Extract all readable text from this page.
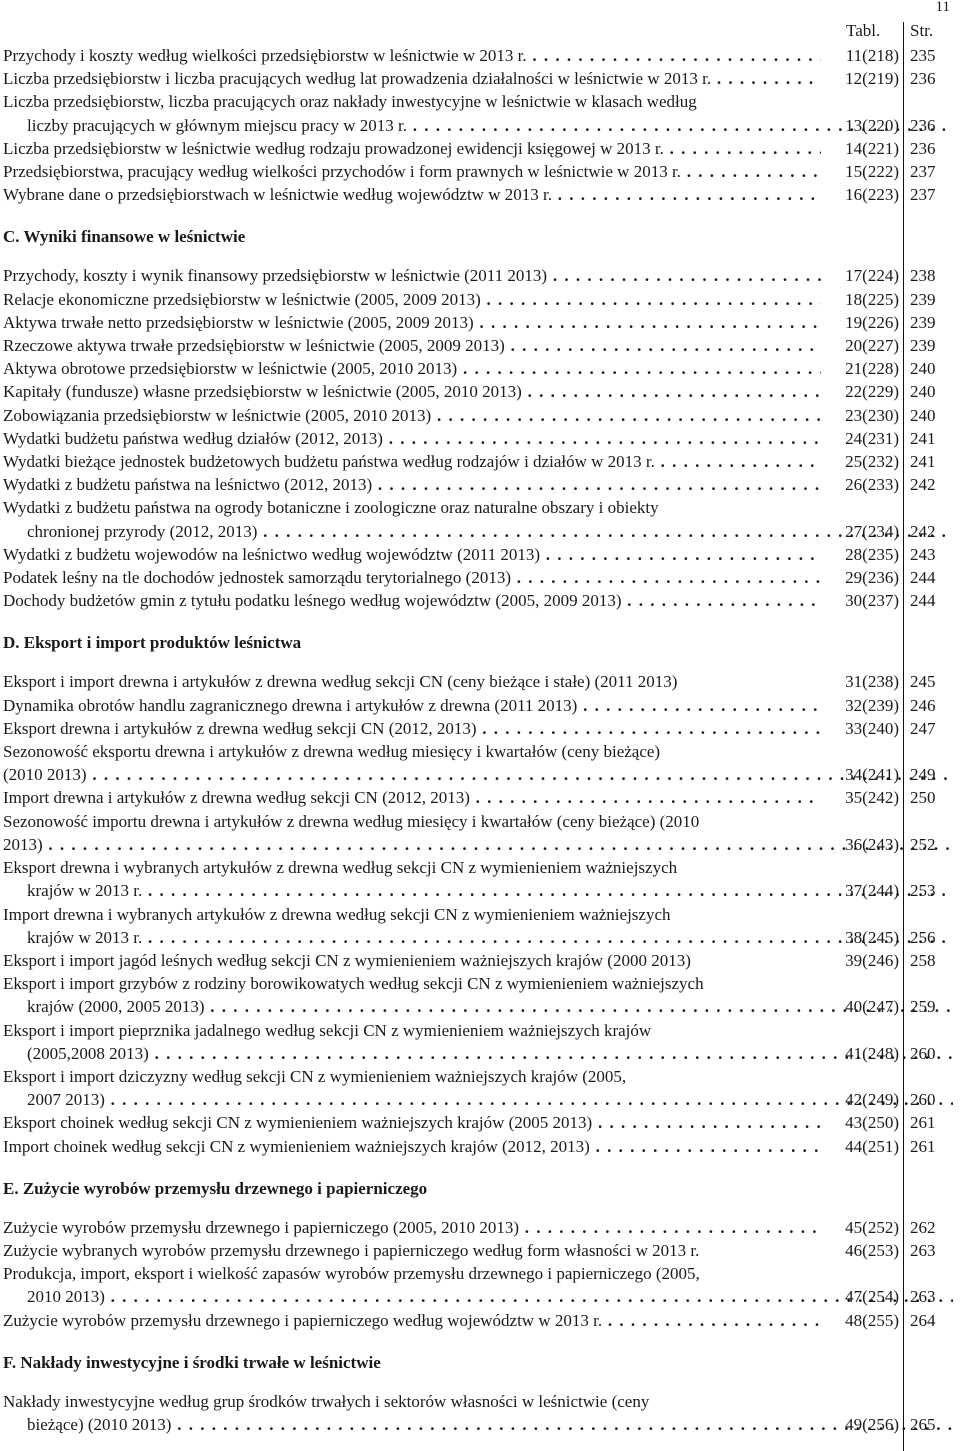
11
Tabl. Str.
Przychody i koszty według wielkości przedsiębiorstw w leśnictwie w 2013 r. . . .	11(218) 235
Liczba przedsiębiorstw i liczba pracujących według lat prowadzenia działalności w leśnictwie w 2013 r. . . .	12(219) 236
Liczba przedsiębiorstw, liczba pracujących oraz nakłady inwestycyjne w leśnictwie w klasach według
liczby pracujących w głównym miejscu pracy w 2013 r. . . .	13(220) 236
Liczba przedsiębiorstw w leśnictwie według rodzaju prowadzonej ewidencji księgowej w 2013 r. . . .	14(221) 236
Przedsiębiorstwa, pracujący według wielkości przychodów i form prawnych w leśnictwie w 2013 r. . . .	15(222) 237
Wybrane dane o przedsiębiorstwach w leśnictwie według województw w 2013 r. . . .	16(223) 237
C. Wyniki finansowe w leśnictwie
Przychody, koszty i wynik finansowy przedsiębiorstw w leśnictwie (2011 2013) . . .	17(224) 238
Relacje ekonomiczne przedsiębiorstw w leśnictwie (2005, 2009 2013) . . .	18(225) 239
Aktywa trwałe netto przedsiębiorstw w leśnictwie (2005, 2009 2013) . . .	19(226) 239
Rzeczowe aktywa trwałe przedsiębiorstw w leśnictwie (2005, 2009 2013) . . .	20(227) 239
Aktywa obrotowe przedsiębiorstw w leśnictwie (2005, 2010 2013) . . .	21(228) 240
Kapitały (fundusze) własne przedsiębiorstw w leśnictwie (2005, 2010 2013) . . .	22(229) 240
Zobowiązania przedsiębiorstw w leśnictwie (2005, 2010 2013) . . .	23(230) 240
Wydatki budżetu państwa według działów (2012, 2013) . . .	24(231) 241
Wydatki bieżące jednostek budżetowych budżetu państwa według rodzajów i działów w 2013 r. . . .	25(232) 241
Wydatki z budżetu państwa na leśnictwo (2012, 2013) . . .	26(233) 242
Wydatki z budżetu państwa na ogrody botaniczne i zoologiczne oraz naturalne obszary i obiekty
chronionej przyrody (2012, 2013) . . .	27(234) 242
Wydatki z budżetu wojewodów na leśnictwo według województw (2011 2013) . . .	28(235) 243
Podatek leśny na tle dochodów jednostek samorządu terytorialnego (2013) . . .	29(236) 244
Dochody budżetów gmin z tytułu podatku leśnego według województw (2005, 2009 2013) . . .	30(237) 244
D. Eksport i import produktów leśnictwa
Eksport i import drewna i artykułów z drewna według sekcji CN (ceny bieżące i stałe) (2011 2013)	31(238) 245
Dynamika obrotów handlu zagranicznego drewna i artykułów z drewna (2011 2013) . . .	32(239) 246
Eksport drewna i artykułów z drewna według sekcji CN (2012, 2013) . . .	33(240) 247
Sezonowość eksportu drewna i artykułów z drewna według miesięcy i kwartałów (ceny bieżące)
(2010 2013) . . .	34(241) 249
Import drewna i artykułów z drewna według sekcji CN (2012, 2013) . . .	35(242) 250
Sezonowość importu drewna i artykułów z drewna według miesięcy i kwartałów (ceny bieżące) (2010
2013) . . .	36(243) 252
Eksport drewna i wybranych artykułów z drewna według sekcji CN z wymienieniem ważniejszych
krajów w 2013 r. . . .	37(244) 253
Import drewna i wybranych artykułów z drewna według sekcji CN z wymienieniem ważniejszych
krajów w 2013 r. . . .	38(245) 256
Eksport i import jagód leśnych według sekcji CN z wymienieniem ważniejszych krajów (2000 2013)	39(246) 258
Eksport i import grzybów z rodziny borowikowatych według sekcji CN z wymienieniem ważniejszych
krajów (2000, 2005 2013) . . .	40(247) 259
Eksport i import pieprznika jadalnego według sekcji CN z wymienieniem ważniejszych krajów
(2005,2008 2013) . . .	41(248) 260
Eksport i import dziczyzny według sekcji CN z wymienieniem ważniejszych krajów (2005,
2007 2013) . . .	42(249) 260
Eksport choinek według sekcji CN z wymienieniem ważniejszych krajów (2005 2013) . . .	43(250) 261
Import choinek według sekcji CN z wymienieniem ważniejszych krajów (2012, 2013) . . .	44(251) 261
E. Zużycie wyrobów przemysłu drzewnego i papierniczego
Zużycie wyrobów przemysłu drzewnego i papierniczego (2005, 2010 2013) . . .	45(252) 262
Zużycie wybranych wyrobów przemysłu drzewnego i papierniczego według form własności w 2013 r.	46(253) 263
Produkcja, import, eksport i wielkość zapasów wyrobów przemysłu drzewnego i papierniczego (2005,
2010 2013) . . .	47(254) 263
Zużycie wyrobów przemysłu drzewnego i papierniczego według województw w 2013 r. . . .	48(255) 264
F. Nakłady inwestycyjne i środki trwałe w leśnictwie
Nakłady inwestycyjne według grup środków trwałych i sektorów własności w leśnictwie (ceny
bieżące) (2010 2013) . . .	49(256) 265
